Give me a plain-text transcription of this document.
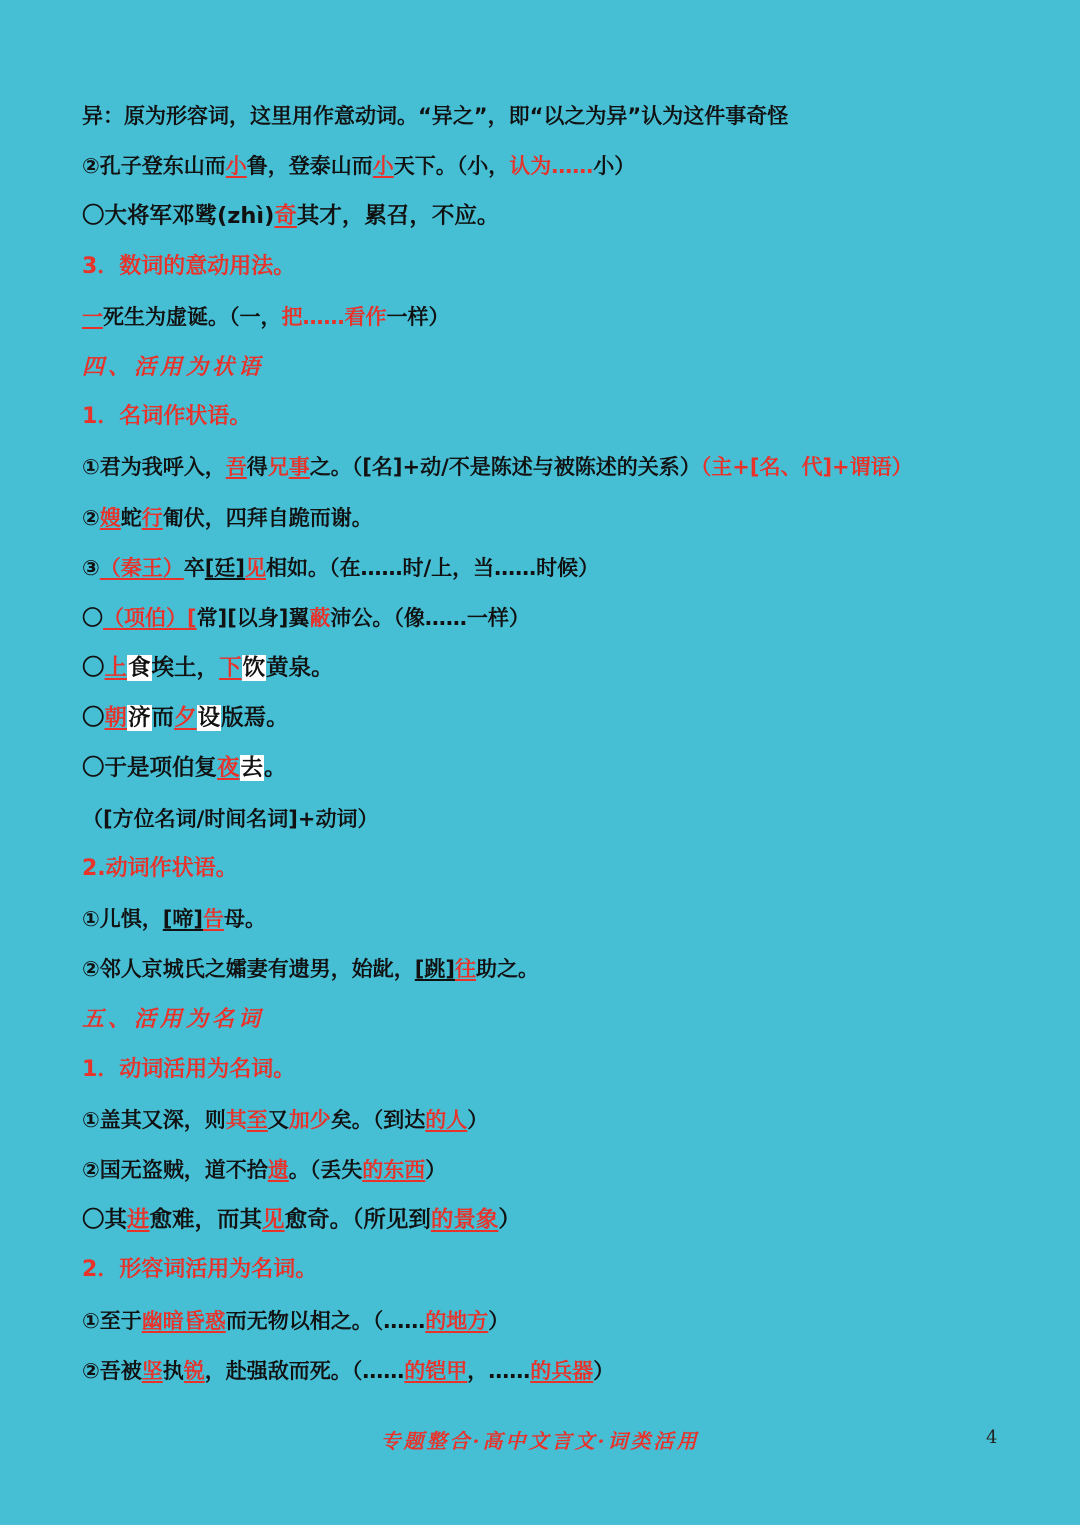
异：原为形容词，这里用作意动词。“异之”，即“以之为异”认为这件事奇怪
②孔子登东山而小鲁，登泰山而小天下。（小，认为……小）
〇大将军邓骘(zhì)奇其才，累召，不应。
3．数词的意动用法。
一死生为虚诞。（一，把……看作一样）
四、活用为状语
1．名词作状语。
①君为我呼入，吾得兄事之。（[名]+动/不是陈述与被陈述的关系）（主+[名、代]+谓语）
②嫂蛇行匍伏，四拜自跪而谢。
③（秦王）卒[廷]见相如。（在……时/上，当……时候）
〇（项伯）[常][以身]翼蔽沛公。（像……一样）
〇上食埃土，下饮黄泉。
〇朝济而夕设版焉。
〇于是项伯复夜去。
（[方位名词/时间名词]+动词）
2.动词作状语。
①儿惧，[啼]告母。
②邻人京城氏之孀妻有遗男，始龀，[跳]往助之。
五、活用为名词
1．动词活用为名词。
①盖其又深，则其至又加少矣。（到达的人）
②国无盗贼，道不拾遗。（丢失的东西）
〇其进愈难，而其见愈奇。（所见到的景象）
2．形容词活用为名词。
①至于幽暗昏惑而无物以相之。（……的地方）
②吾被坚执锐，赴强敌而死。（……的铠甲，……的兵器）
专题整合·高中文言文·词类活用	4
